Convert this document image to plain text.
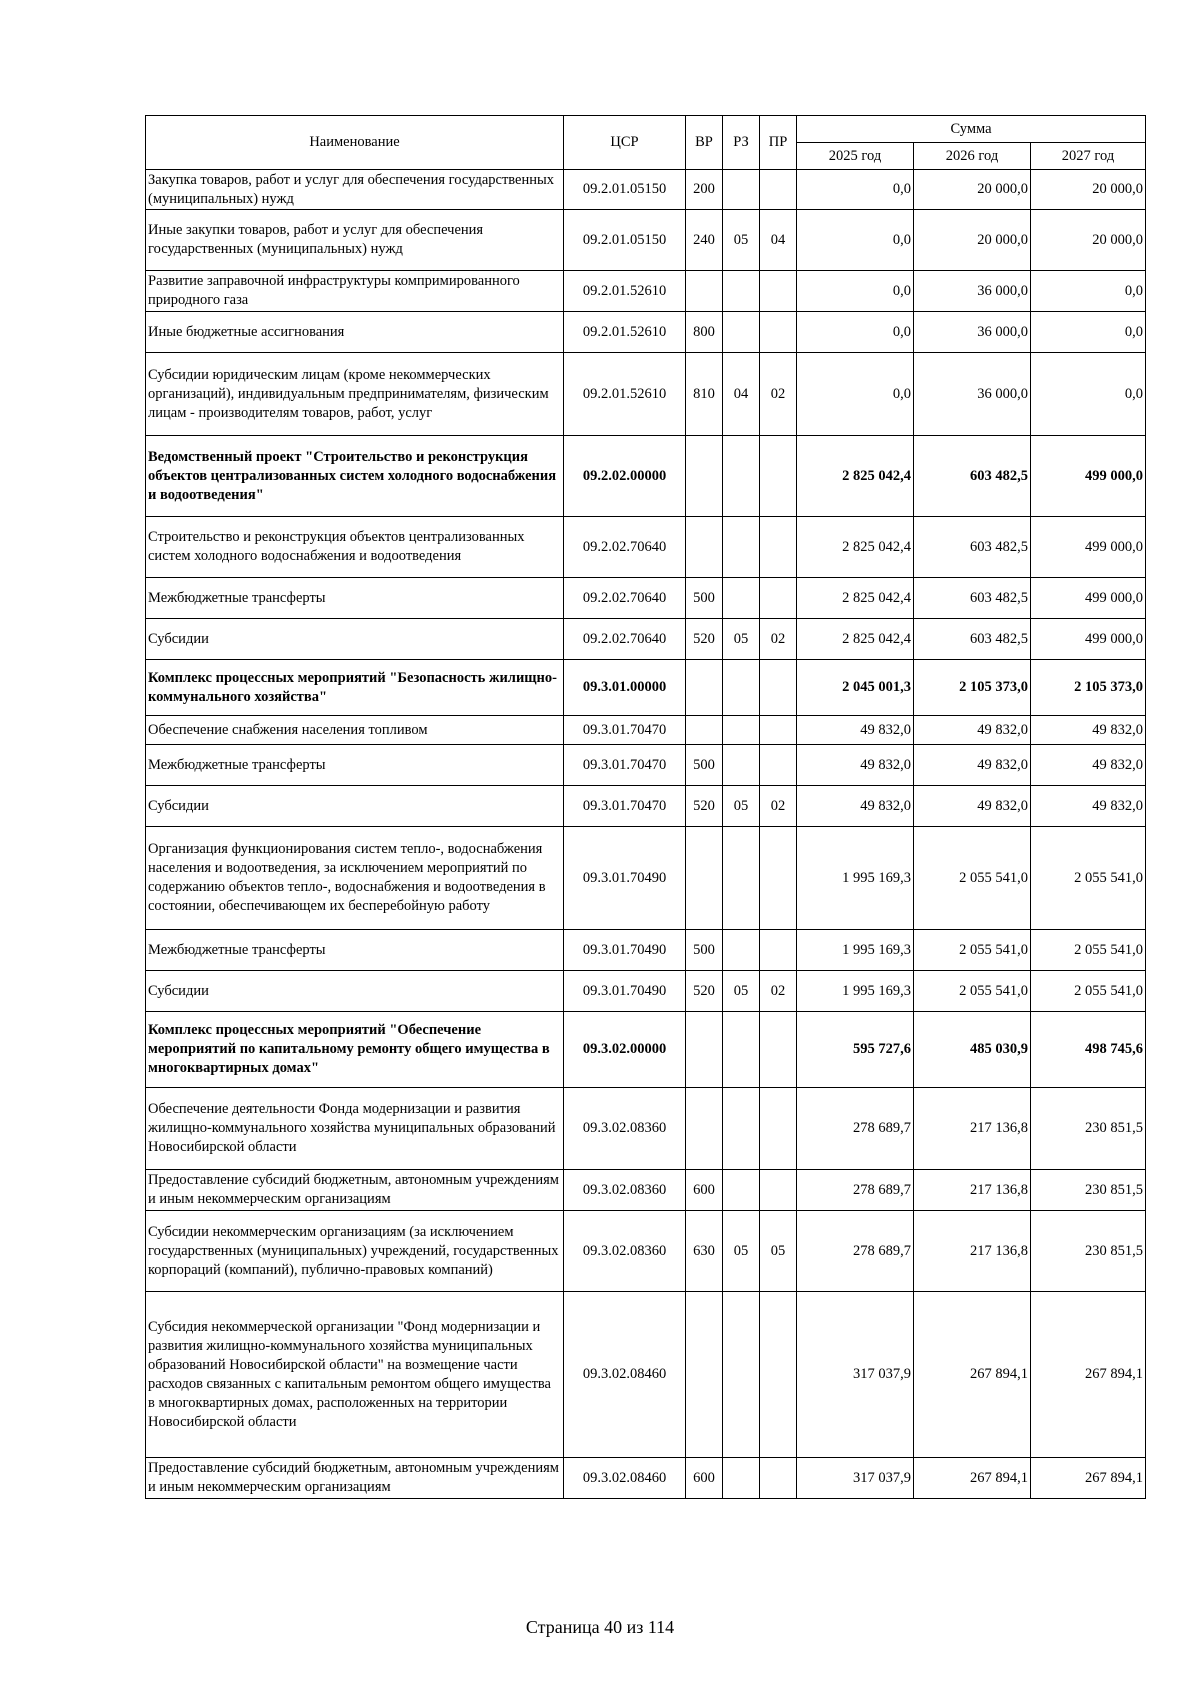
Наименование	ЦСР	ВР	РЗ	ПР	Сумма		
					2025 год	2026 год	2027 год
Закупка товаров, работ и услуг для обеспечения государственных (муниципальных) нужд	09.2.01.05150	200			0,0	20 000,0	20 000,0
Иные закупки товаров, работ и услуг для обеспечения государственных (муниципальных) нужд	09.2.01.05150	240	05	04	0,0	20 000,0	20 000,0
Развитие заправочной инфраструктуры компримированного природного газа	09.2.01.52610				0,0	36 000,0	0,0
Иные бюджетные ассигнования	09.2.01.52610	800			0,0	36 000,0	0,0
Субсидии юридическим лицам (кроме некоммерческих организаций), индивидуальным предпринимателям, физическим лицам - производителям товаров, работ, услуг	09.2.01.52610	810	04	02	0,0	36 000,0	0,0
Ведомственный проект "Строительство и реконструкция объектов централизованных систем холодного водоснабжения и водоотведения"	09.2.02.00000				2 825 042,4	603 482,5	499 000,0
Строительство и реконструкция объектов централизованных систем холодного водоснабжения и водоотведения	09.2.02.70640				2 825 042,4	603 482,5	499 000,0
Межбюджетные трансферты	09.2.02.70640	500			2 825 042,4	603 482,5	499 000,0
Субсидии	09.2.02.70640	520	05	02	2 825 042,4	603 482,5	499 000,0
Комплекс процессных мероприятий "Безопасность жилищно-коммунального хозяйства"	09.3.01.00000				2 045 001,3	2 105 373,0	2 105 373,0
Обеспечение снабжения населения топливом	09.3.01.70470				49 832,0	49 832,0	49 832,0
Межбюджетные трансферты	09.3.01.70470	500			49 832,0	49 832,0	49 832,0
Субсидии	09.3.01.70470	520	05	02	49 832,0	49 832,0	49 832,0
Организация функционирования систем тепло-, водоснабжения населения и водоотведения, за исключением мероприятий по содержанию объектов тепло-, водоснабжения и водоотведения в состоянии, обеспечивающем их бесперебойную работу	09.3.01.70490				1 995 169,3	2 055 541,0	2 055 541,0
Межбюджетные трансферты	09.3.01.70490	500			1 995 169,3	2 055 541,0	2 055 541,0
Субсидии	09.3.01.70490	520	05	02	1 995 169,3	2 055 541,0	2 055 541,0
Комплекс процессных мероприятий "Обеспечение мероприятий по капитальному ремонту общего имущества в многоквартирных домах"	09.3.02.00000				595 727,6	485 030,9	498 745,6
Обеспечение деятельности Фонда модернизации и развития жилищно-коммунального хозяйства муниципальных образований Новосибирской области	09.3.02.08360				278 689,7	217 136,8	230 851,5
Предоставление субсидий бюджетным, автономным учреждениям и иным некоммерческим организациям	09.3.02.08360	600			278 689,7	217 136,8	230 851,5
Субсидии некоммерческим организациям (за исключением государственных (муниципальных) учреждений, государственных корпораций (компаний), публично-правовых компаний)	09.3.02.08360	630	05	05	278 689,7	217 136,8	230 851,5
Субсидия некоммерческой организации "Фонд модернизации и развития жилищно-коммунального хозяйства муниципальных образований Новосибирской области" на возмещение части расходов связанных с капитальным ремонтом общего имущества в многоквартирных домах, расположенных на территории Новосибирской области	09.3.02.08460				317 037,9	267 894,1	267 894,1
Предоставление субсидий бюджетным, автономным учреждениям и иным некоммерческим организациям	09.3.02.08460	600			317 037,9	267 894,1	267 894,1
Страница 40 из 114
